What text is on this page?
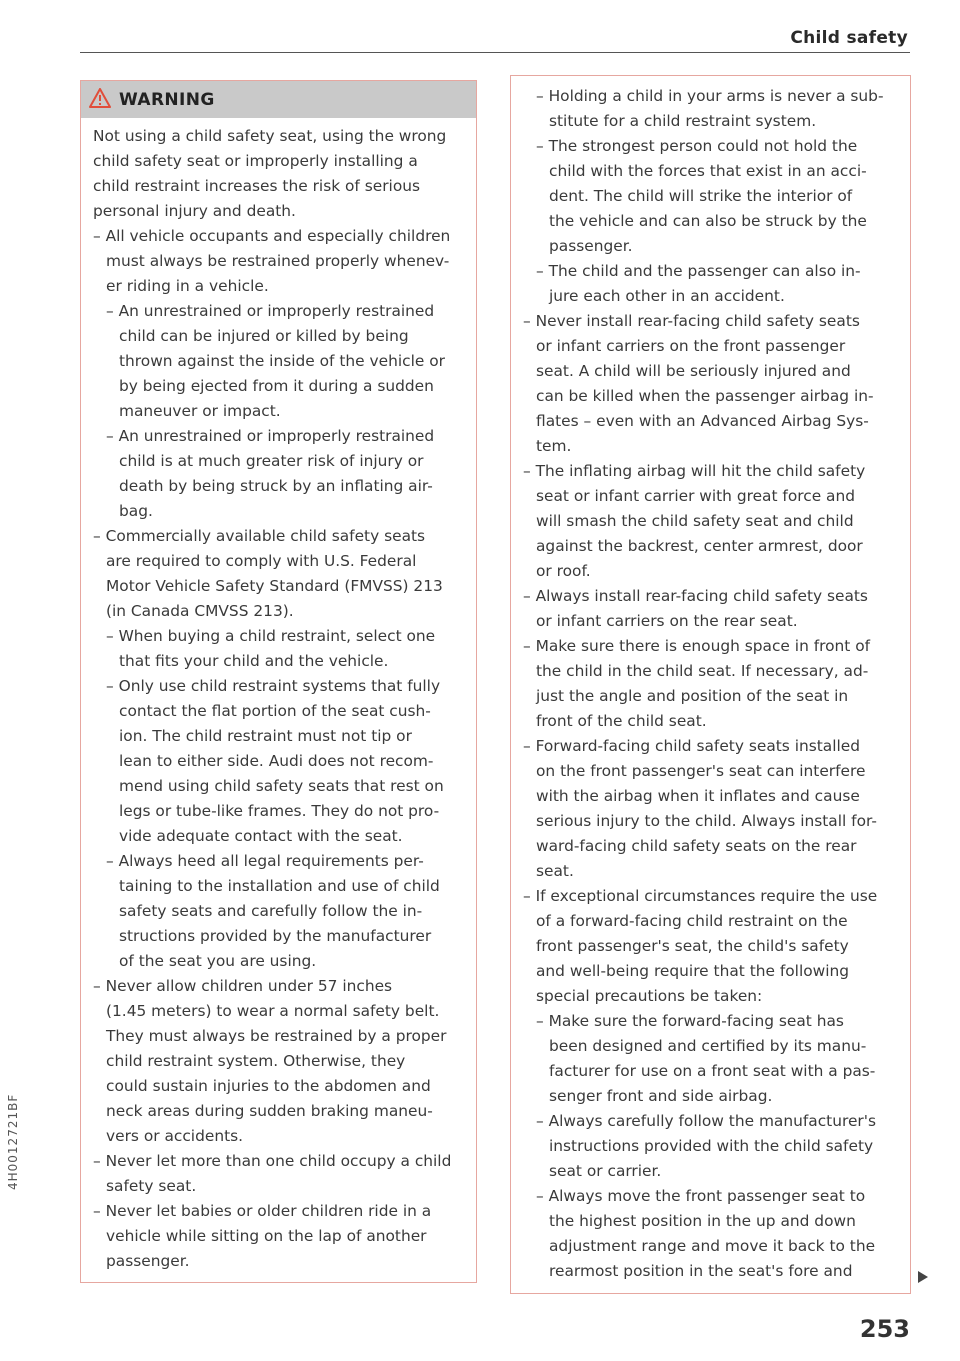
Child safety
4H0012721BF
WARNING
Not using a child safety seat, using the wrong
child safety seat or improperly installing a
child restraint increases the risk of serious
personal injury and death.
– All vehicle occupants and especially children
must always be restrained properly whenev-
er riding in a vehicle.
– An unrestrained or improperly restrained
child can be injured or killed by being
thrown against the inside of the vehicle or
by being ejected from it during a sudden
maneuver or impact.
– An unrestrained or improperly restrained
child is at much greater risk of injury or
death by being struck by an inflating air-
bag.
– Commercially available child safety seats
are required to comply with U.S. Federal
Motor Vehicle Safety Standard (FMVSS) 213
(in Canada CMVSS 213).
– When buying a child restraint, select one
that fits your child and the vehicle.
– Only use child restraint systems that fully
contact the flat portion of the seat cush-
ion. The child restraint must not tip or
lean to either side. Audi does not recom-
mend using child safety seats that rest on
legs or tube-like frames. They do not pro-
vide adequate contact with the seat.
– Always heed all legal requirements per-
taining to the installation and use of child
safety seats and carefully follow the in-
structions provided by the manufacturer
of the seat you are using.
– Never allow children under 57 inches
(1.45 meters) to wear a normal safety belt.
They must always be restrained by a proper
child restraint system. Otherwise, they
could sustain injuries to the abdomen and
neck areas during sudden braking maneu-
vers or accidents.
– Never let more than one child occupy a child
safety seat.
– Never let babies or older children ride in a
vehicle while sitting on the lap of another
passenger.
– Holding a child in your arms is never a sub-
stitute for a child restraint system.
– The strongest person could not hold the
child with the forces that exist in an acci-
dent. The child will strike the interior of
the vehicle and can also be struck by the
passenger.
– The child and the passenger can also in-
jure each other in an accident.
– Never install rear-facing child safety seats
or infant carriers on the front passenger
seat. A child will be seriously injured and
can be killed when the passenger airbag in-
flates – even with an Advanced Airbag Sys-
tem.
– The inflating airbag will hit the child safety
seat or infant carrier with great force and
will smash the child safety seat and child
against the backrest, center armrest, door
or roof.
– Always install rear-facing child safety seats
or infant carriers on the rear seat.
– Make sure there is enough space in front of
the child in the child seat. If necessary, ad-
just the angle and position of the seat in
front of the child seat.
– Forward-facing child safety seats installed
on the front passenger's seat can interfere
with the airbag when it inflates and cause
serious injury to the child. Always install for-
ward-facing child safety seats on the rear
seat.
– If exceptional circumstances require the use
of a forward-facing child restraint on the
front passenger's seat, the child's safety
and well-being require that the following
special precautions be taken:
– Make sure the forward-facing seat has
been designed and certified by its manu-
facturer for use on a front seat with a pas-
senger front and side airbag.
– Always carefully follow the manufacturer's
instructions provided with the child safety
seat or carrier.
– Always move the front passenger seat to
the highest position in the up and down
adjustment range and move it back to the
rearmost position in the seat's fore and
253
